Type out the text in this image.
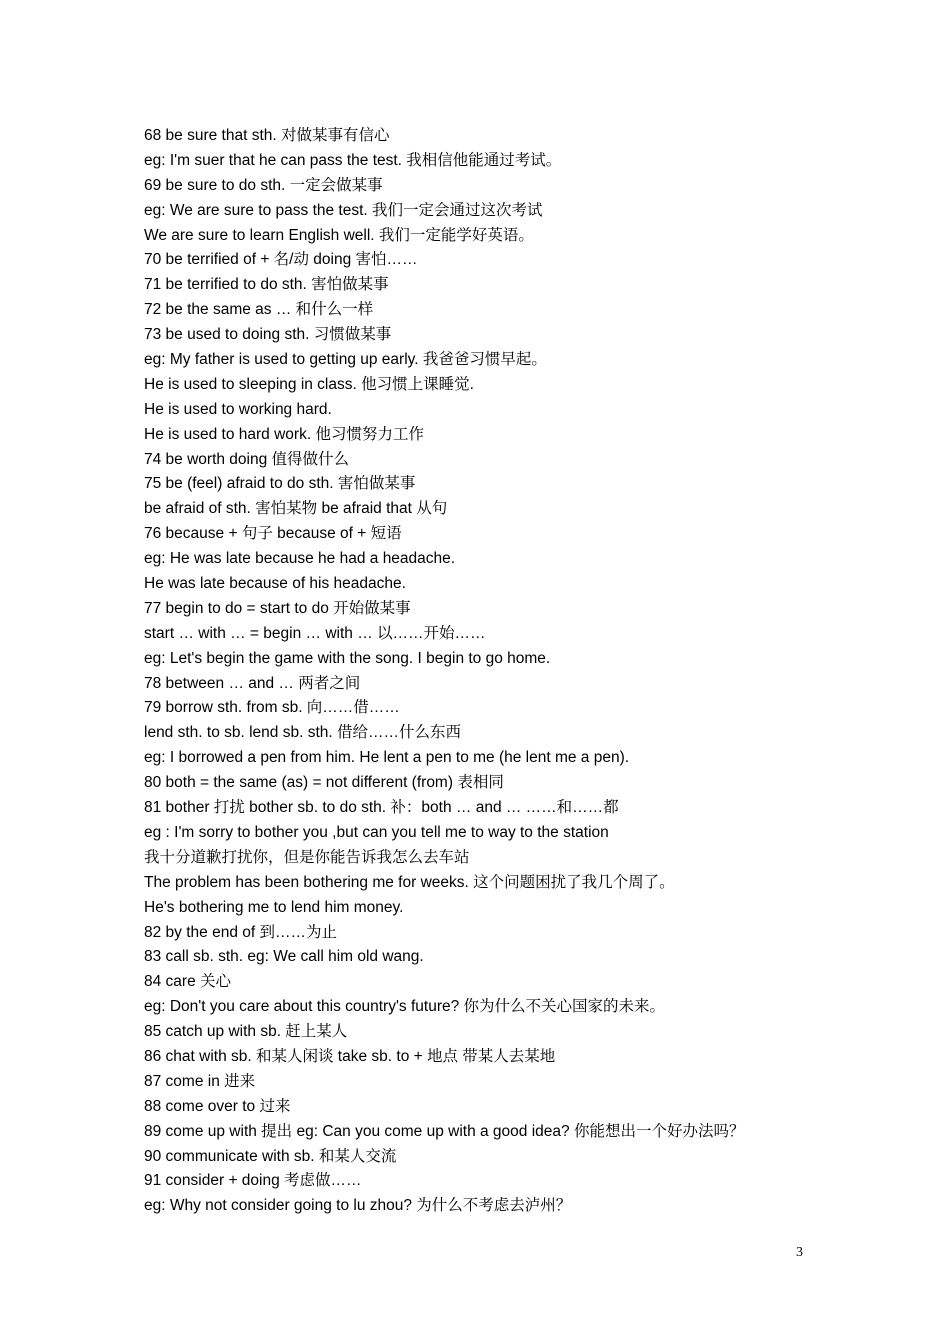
68 be sure that sth. 对做某事有信心
eg: I'm suer that he can pass the test. 我相信他能通过考试。
69 be sure to do sth. 一定会做某事
eg: We are sure to pass the test. 我们一定会通过这次考试
We are sure to learn English well. 我们一定能学好英语。
70 be terrified of + 名/动 doing 害怕……
71 be terrified to do sth. 害怕做某事
72 be the same as … 和什么一样
73 be used to doing sth. 习惯做某事
eg: My father is used to getting up early. 我爸爸习惯早起。
He is used to sleeping in class. 他习惯上课睡觉.
He is used to working hard.
He is used to hard work. 他习惯努力工作
74 be worth doing 值得做什么
75 be (feel) afraid to do sth. 害怕做某事
be afraid of sth. 害怕某物 be afraid that 从句
76 because + 句子 because of + 短语
eg: He was late because he had a headache.
He was late because of his headache.
77 begin to do = start to do 开始做某事
start … with … = begin … with … 以……开始……
eg: Let's begin the game with the song. I begin to go home.
78 between … and … 两者之间
79 borrow sth. from sb. 向……借……
lend sth. to sb. lend sb. sth. 借给……什么东西
eg: I borrowed a pen from him. He lent a pen to me (he lent me a pen).
80 both = the same (as) = not different (from) 表相同
81 bother 打扰 bother sb. to do sth. 补：both … and … ……和……都
eg : I'm sorry to bother you ,but can you tell me to way to the station
我十分道歉打扰你，但是你能告诉我怎么去车站
The problem has been bothering me for weeks. 这个问题困扰了我几个周了。
He's bothering me to lend him money.
82 by the end of 到……为止
83 call sb. sth. eg: We call him old wang.
84 care 关心
eg: Don't you care about this country's future? 你为什么不关心国家的未来。
85 catch up with sb. 赶上某人
86 chat with sb. 和某人闲谈 take sb. to + 地点 带某人去某地
87 come in 进来
88 come over to 过来
89 come up with 提出 eg: Can you come up with a good idea? 你能想出一个好办法吗？
90 communicate with sb. 和某人交流
91 consider + doing 考虑做……
eg: Why not consider going to lu zhou? 为什么不考虑去泸州？
3
